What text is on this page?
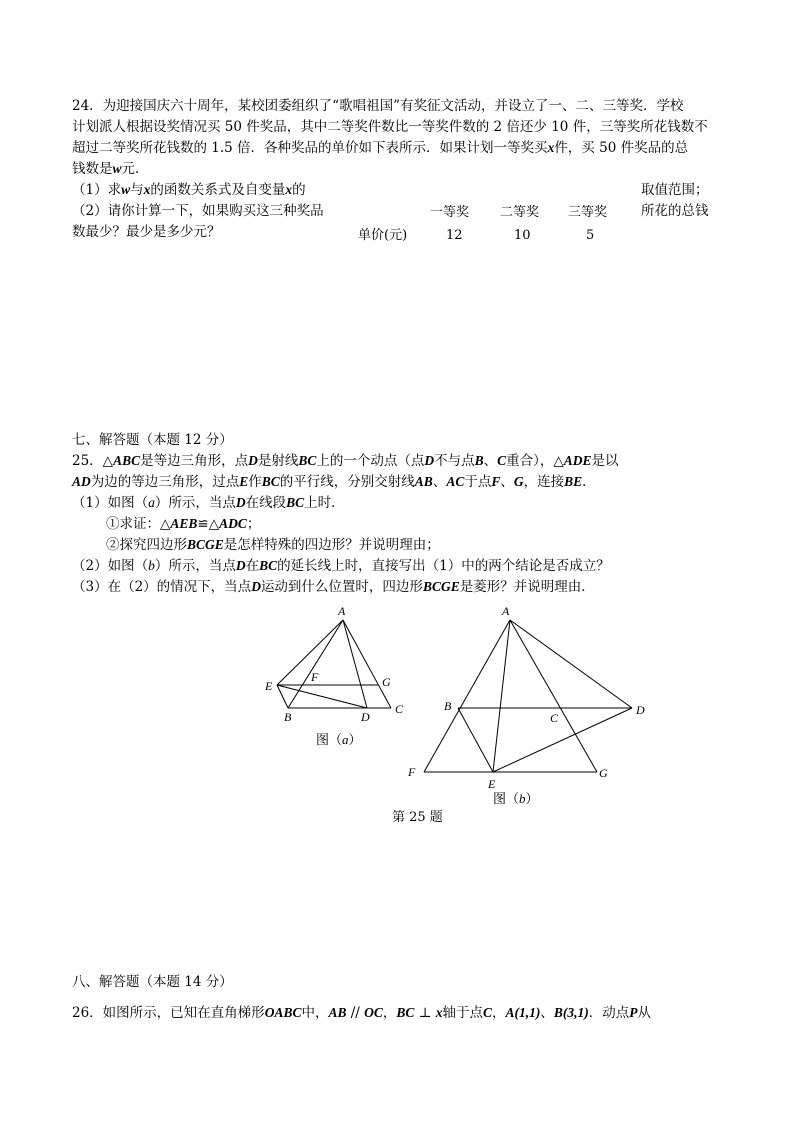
24．为迎接国庆六十周年，某校团委组织了“歌唱祖国”有奖征文活动，并设立了一、二、三等奖．学校
计划派人根据设奖情况买 50 件奖品，其中二等奖件数比一等奖件数的 2 倍还少 10 件，三等奖所花钱数不
超过二等奖所花钱数的 1.5 倍．各种奖品的单价如下表所示．如果计划一等奖买x件，买 50 件奖品的总
钱数是w元．
（1）求w与x的函数关系式及自变量x的	取值范围；
（2）请你计算一下，如果购买这三种奖品	所花的总钱
数最少？最少是多少元？
一等奖 二等奖 三等奖
单价(元)	12	10	5
七、解答题（本题 12 分）
25．△ABC是等边三角形，点D是射线BC上的一个动点（点D不与点B、C重合），△ADE是以
AD为边的等边三角形，过点E作BC的平行线，分别交射线AB、AC于点F、G，连接BE．
（1）如图（a）所示，当点D在线段BC上时．
①求证：△AEB≌△ADC；
②探究四边形BCGE是怎样特殊的四边形？并说明理由；
（2）如图（b）所示，当点D在BC的延长线上时，直接写出（1）中的两个结论是否成立？
（3）在（2）的情况下，当点D运动到什么位置时，四边形BCGE是菱形？并说明理由．
A
E
F	G
B	D
C
A
B
C
D
F
E
G
图（a）
图（b）
第 25 题
八、解答题（本题 14 分）
26．如图所示，已知在直角梯形OABC中，AB // OC，BC ⊥ x轴于点C，A(1,1)、B(3,1)．动点P从
